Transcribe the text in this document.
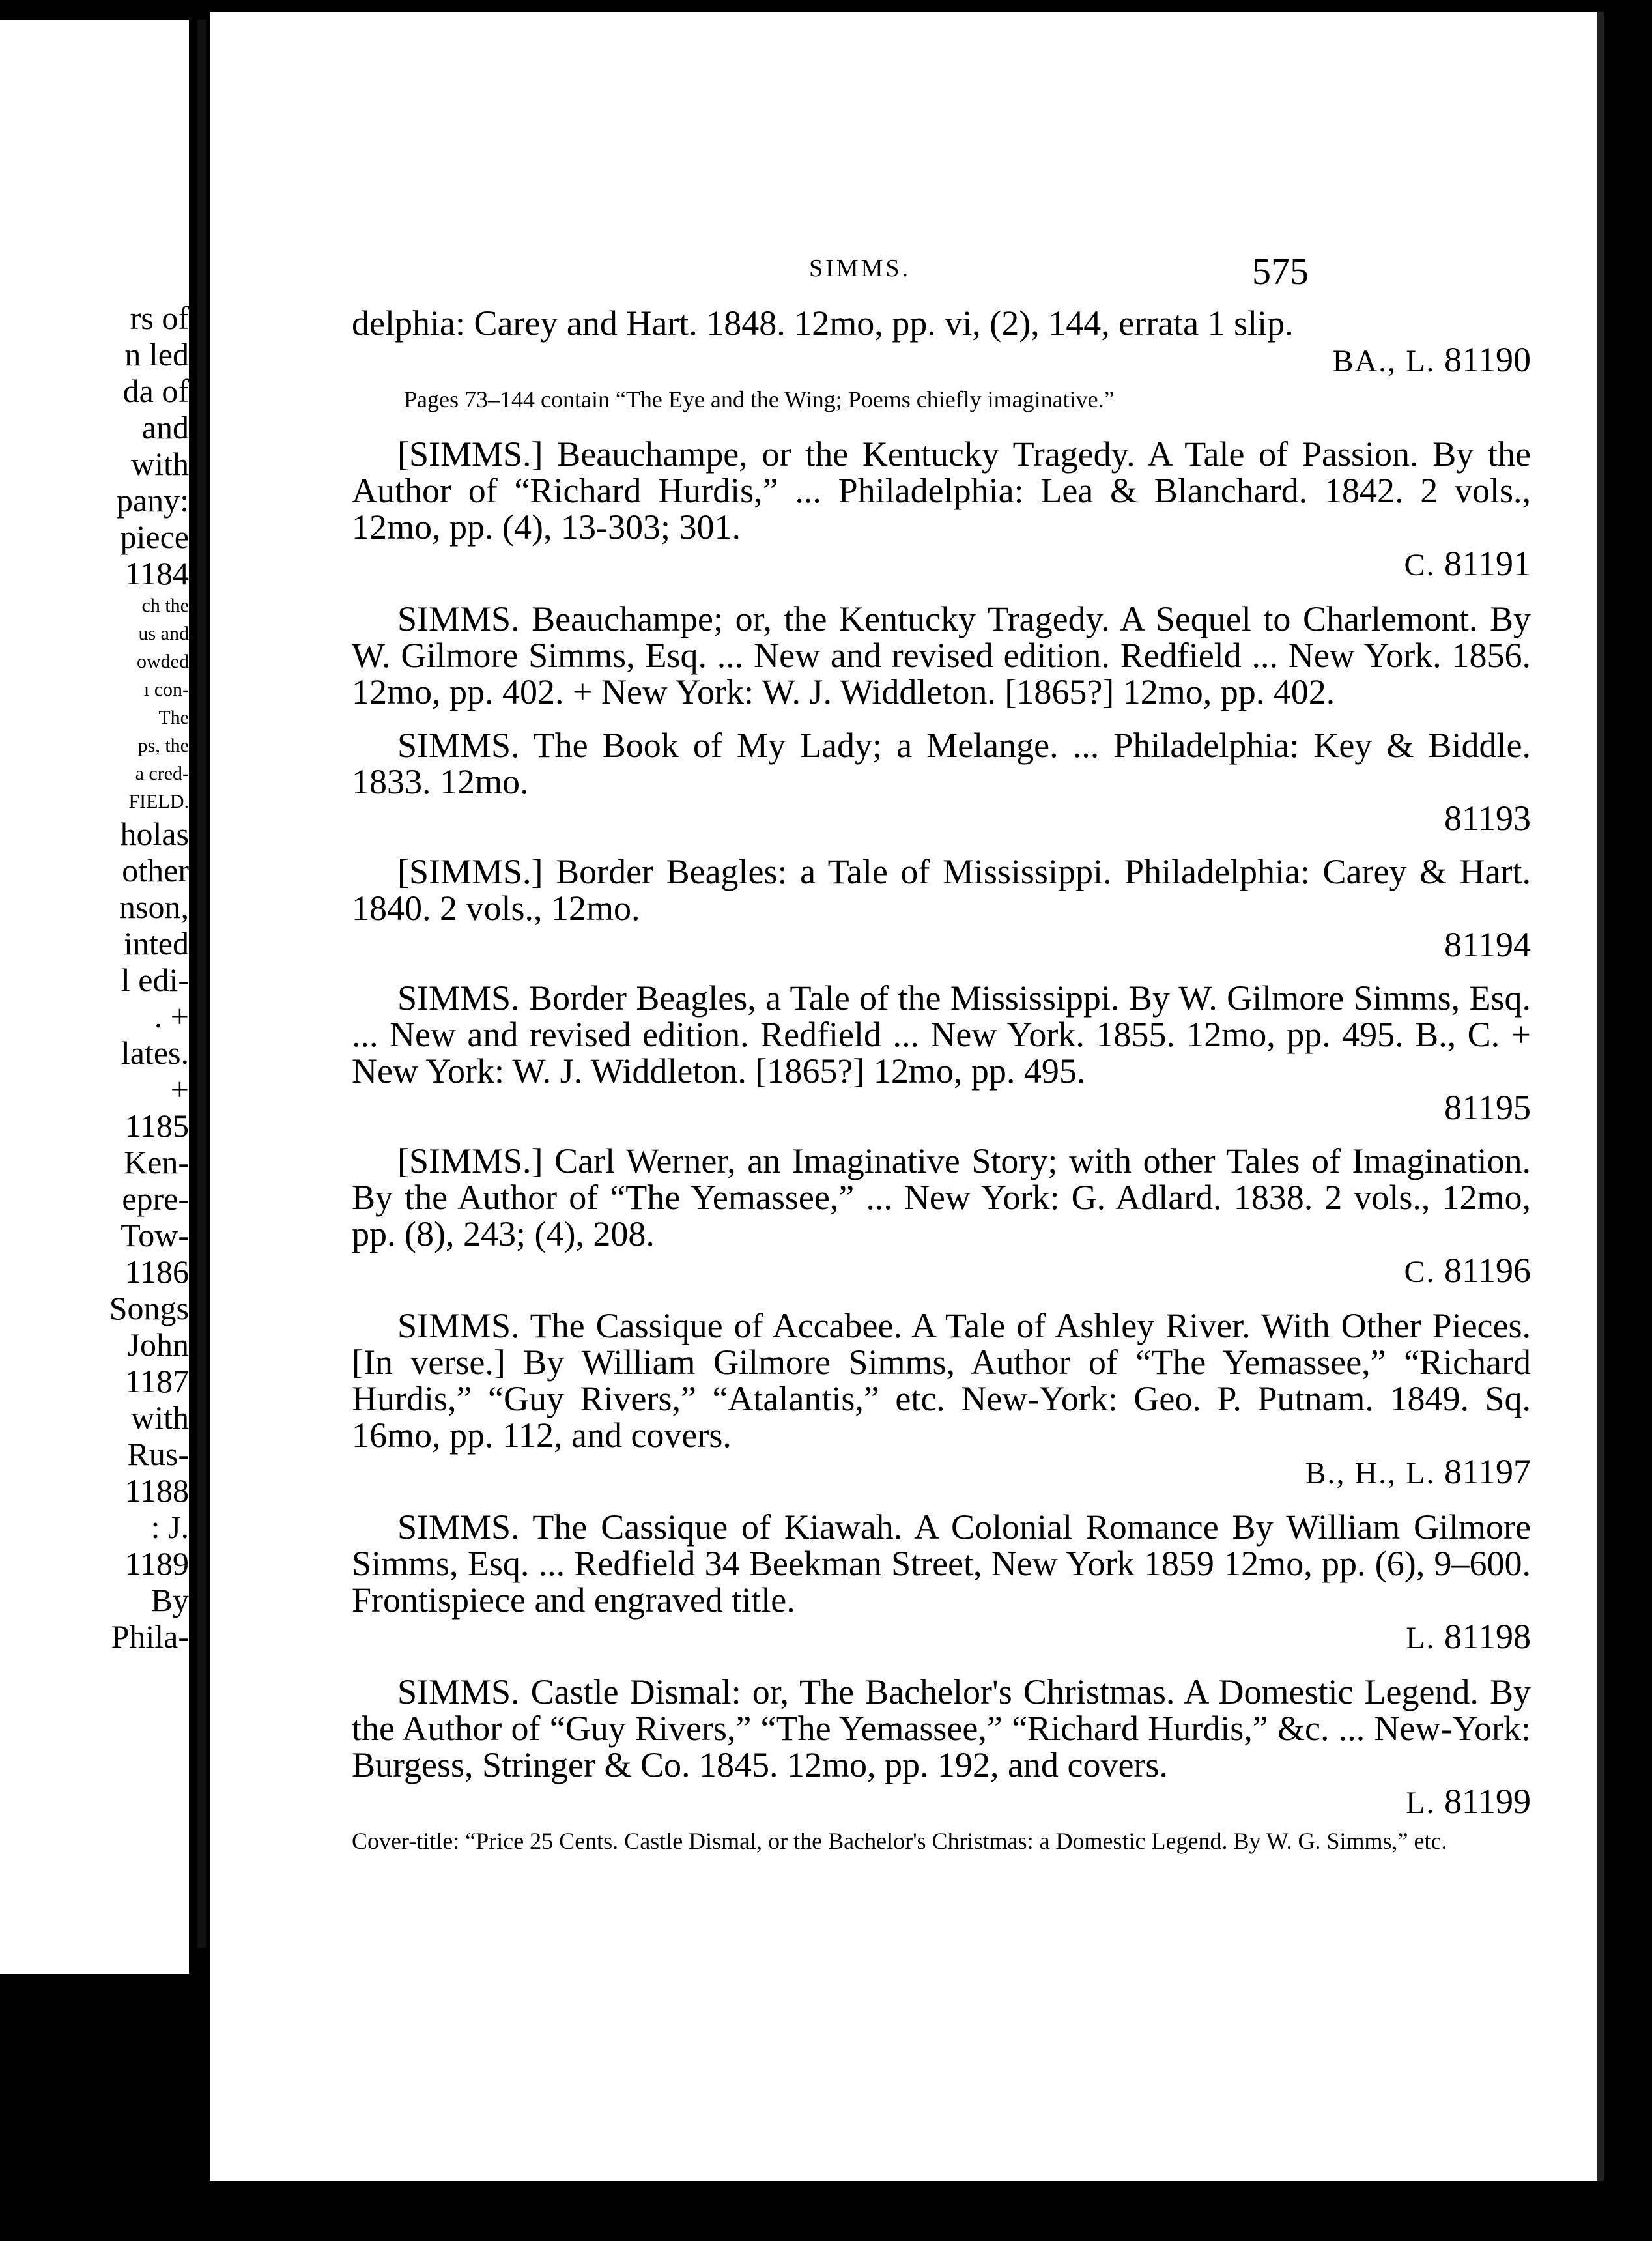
rs of
n led
da of
and
with
pany:
piece
1184
ch the
us and
owded
ı con-
The
ps, the
a cred-
FIELD.
holas
other
nson,
inted
l edi-
. +
lates.
+
1185
Ken-
epre-
Tow-
1186
Songs
John
1187
with
Rus-
1188
: J.
1189
By
Phila-
SIMMS.	575
delphia: Carey and Hart. 1848. 12mo, pp. vi, (2), 144, errata 1 slip.
BA., L. 81190
Pages 73–144 contain “The Eye and the Wing; Poems chiefly imaginative.”
[SIMMS.] Beauchampe, or the Kentucky Tragedy. A Tale of Passion. By the Author of “Richard Hurdis,” ... Philadelphia: Lea & Blanchard. 1842. 2 vols., 12mo, pp. (4), 13-303; 301.
C. 81191
SIMMS. Beauchampe; or, the Kentucky Tragedy. A Sequel to Charlemont. By W. Gilmore Simms, Esq. ... New and revised edition. Redfield ... New York. 1856. 12mo, pp. 402. + New York: W. J. Widdleton. [1865?] 12mo, pp. 402.
SIMMS. The Book of My Lady; a Melange. ... Philadelphia: Key & Biddle. 1833. 12mo.
81193
[SIMMS.] Border Beagles: a Tale of Mississippi. Philadelphia: Carey & Hart. 1840. 2 vols., 12mo.
81194
SIMMS. Border Beagles, a Tale of the Mississippi. By W. Gilmore Simms, Esq. ... New and revised edition. Redfield ... New York. 1855. 12mo, pp. 495. B., C. + New York: W. J. Widdleton. [1865?] 12mo, pp. 495.
81195
[SIMMS.] Carl Werner, an Imaginative Story; with other Tales of Imagination. By the Author of “The Yemassee,” ... New York: G. Adlard. 1838. 2 vols., 12mo, pp. (8), 243; (4), 208.
C. 81196
SIMMS. The Cassique of Accabee. A Tale of Ashley River. With Other Pieces. [In verse.] By William Gilmore Simms, Author of “The Yemassee,” “Richard Hurdis,” “Guy Rivers,” “Atalantis,” etc. New-York: Geo. P. Putnam. 1849. Sq. 16mo, pp. 112, and covers.
B., H., L. 81197
SIMMS. The Cassique of Kiawah. A Colonial Romance By William Gilmore Simms, Esq. ... Redfield 34 Beekman Street, New York 1859 12mo, pp. (6), 9–600. Frontispiece and engraved title.
L. 81198
SIMMS. Castle Dismal: or, The Bachelor's Christmas. A Domestic Legend. By the Author of “Guy Rivers,” “The Yemassee,” “Richard Hurdis,” &c. ... New-York: Burgess, Stringer & Co. 1845. 12mo, pp. 192, and covers.
L. 81199
Cover-title: “Price 25 Cents. Castle Dismal, or the Bachelor's Christmas: a Domestic Legend. By W. G. Simms,” etc.
